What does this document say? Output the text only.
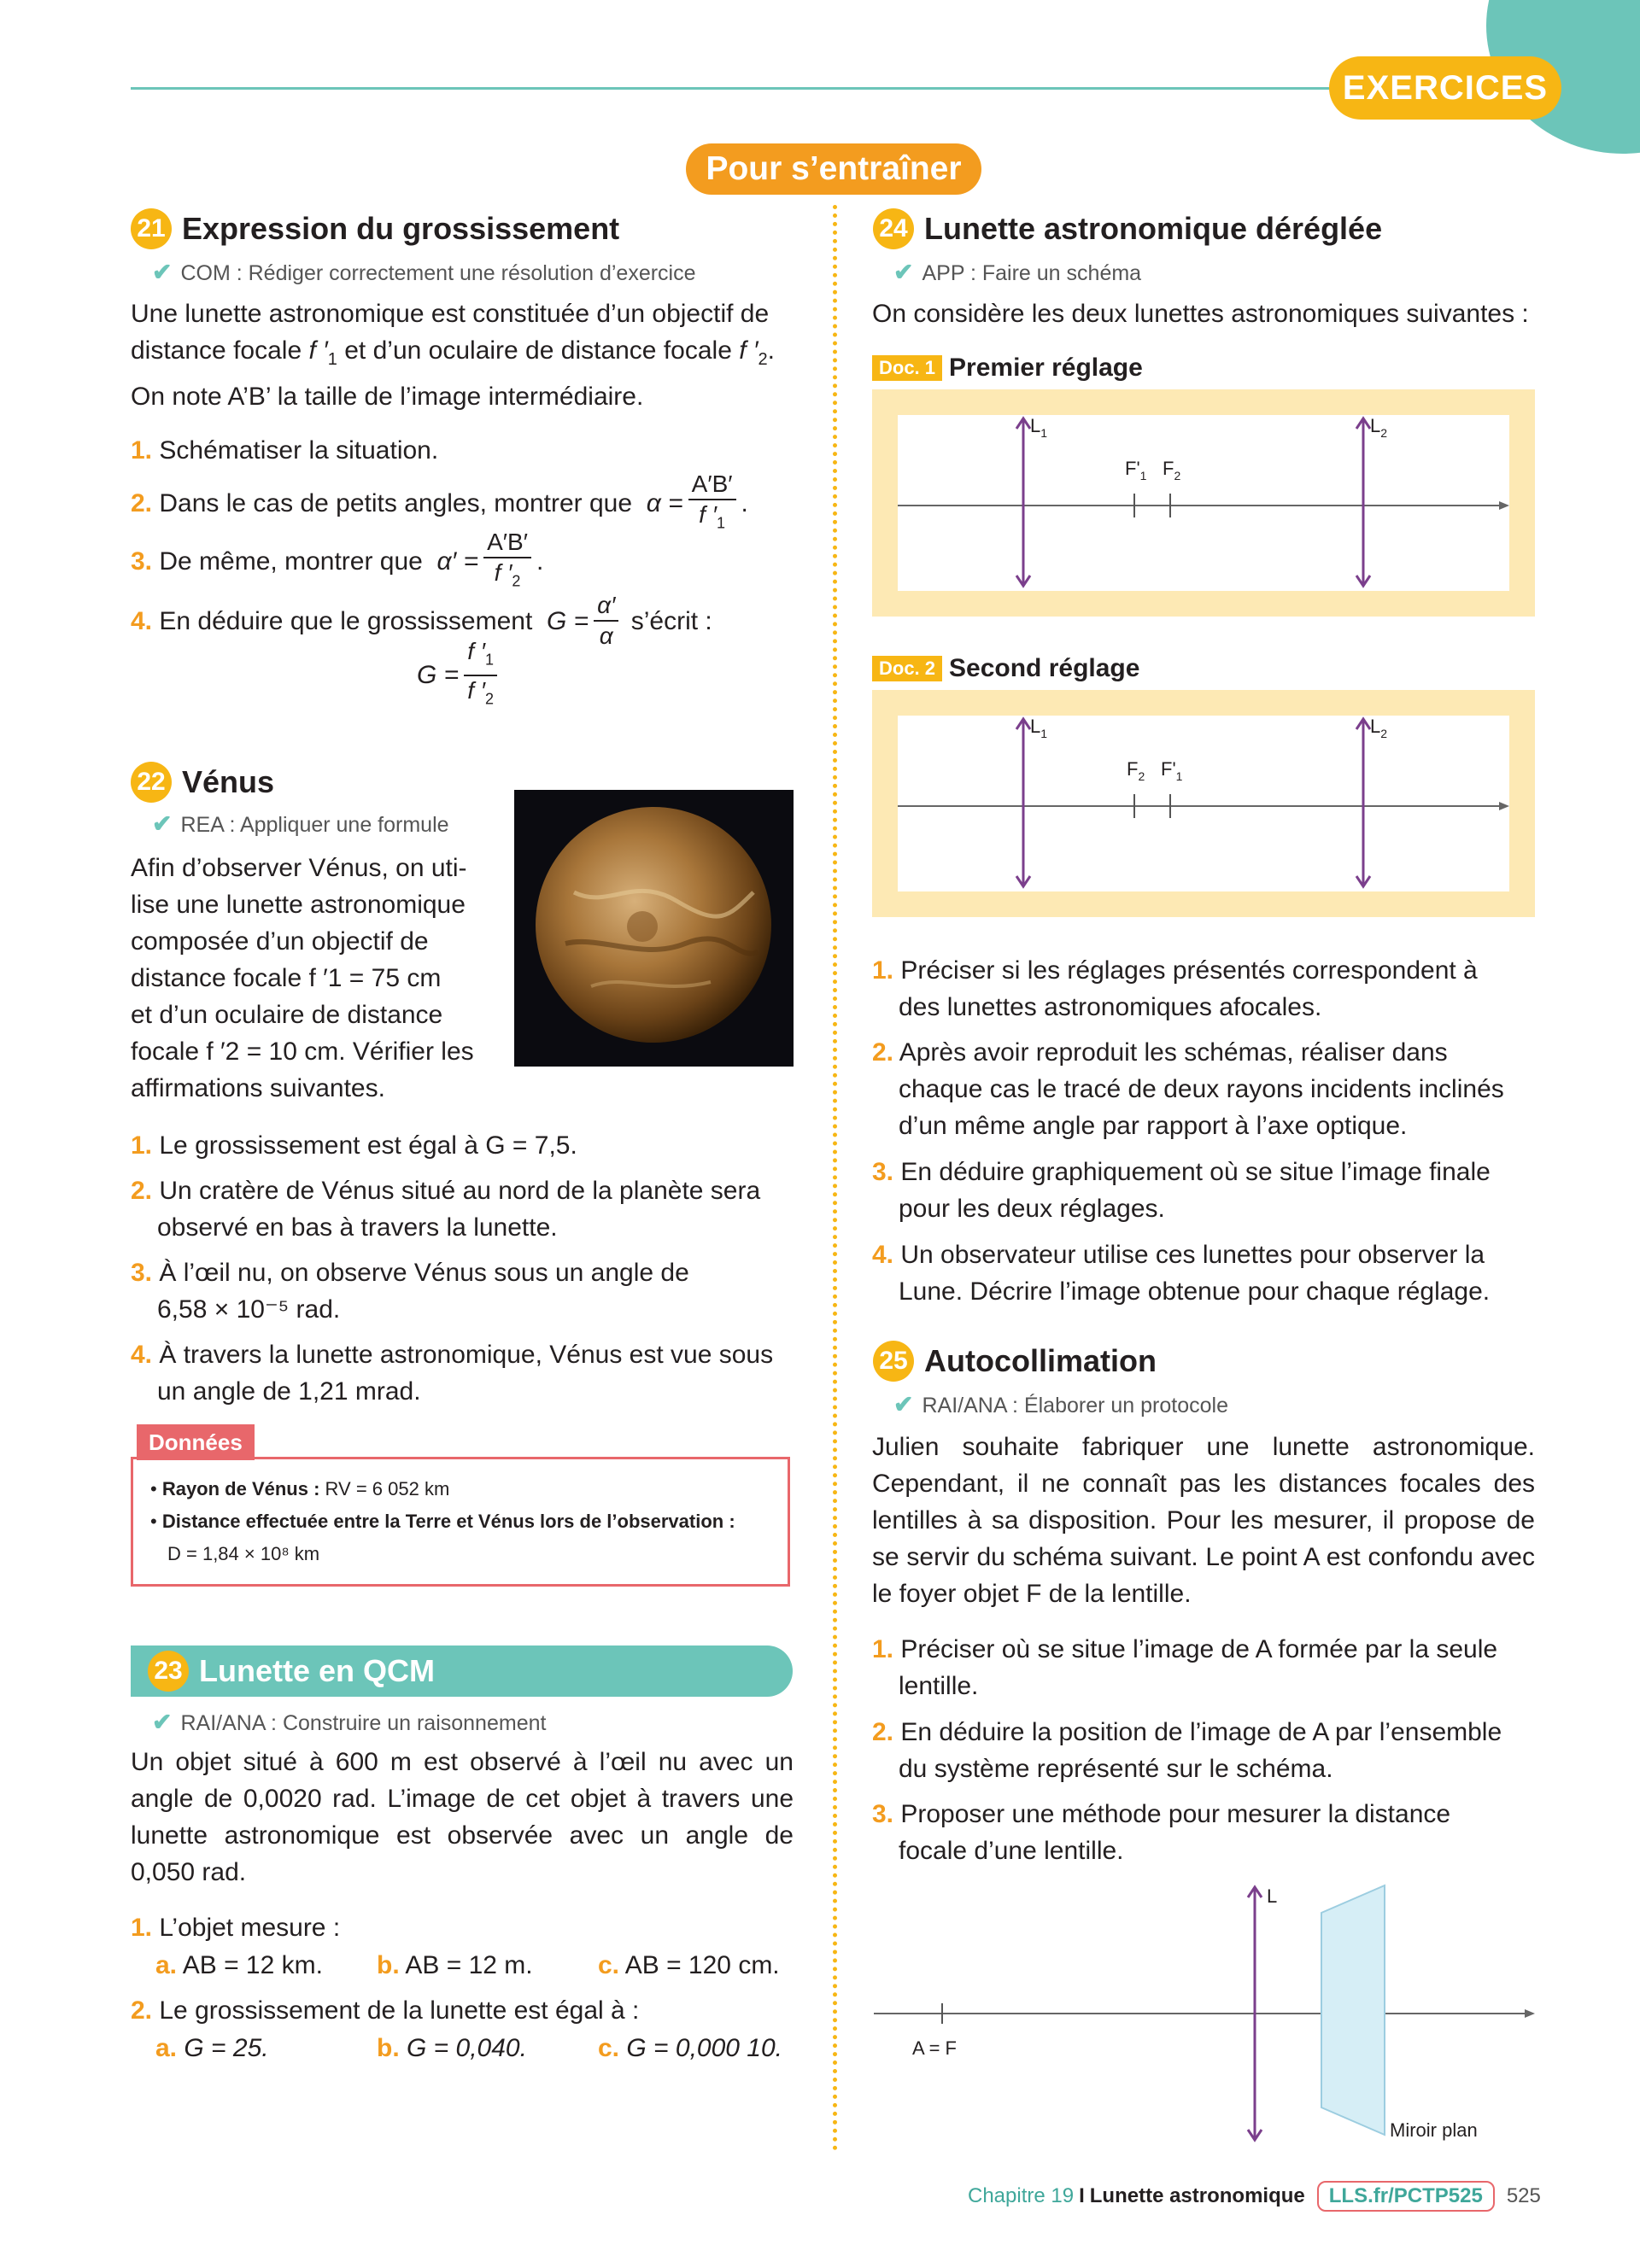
EXERCICES
Pour s’entraîner
21 Expression du grossissement
✔ COM : Rédiger correctement une résolution d’exercice
Une lunette astronomique est constituée d’un objectif de
distance focale f $'_1$ et d’un oculaire de distance focale f $'_2$.
On note A’B’ la taille de l’image intermédiaire.
1. Schématiser la situation.
2.
Dans le cas de petits angles, montrer que
$\alpha = \frac{A'B'}{f '_1}$ .
3.
De même, montrer que
$\alpha' = \frac{A'B'}{f '_2}$ .
4.
En déduire que le grossissement
$G = \frac{\alpha'}{\alpha}$
s’écrit :
$G = \frac{f '_1}{f '_2}$
22 Vénus
✔ REA : Appliquer une formule
Afin d’observer Vénus, on uti-
lise une lunette astronomique
composée d’un objectif de
distance focale f ′1 = 75 cm
et d’un oculaire de distance
focale f ′2 = 10 cm. Vérifier les
affirmations suivantes.
1. Le grossissement est égal à G = 7,5.
2. Un cratère de Vénus situé au nord de la planète sera
observé en bas à travers la lunette.
3. À l’œil nu, on observe Vénus sous un angle de
6,58 × 10⁻⁵ rad.
4. À travers la lunette astronomique, Vénus est vue sous
un angle de 1,21 mrad.
Données
• Rayon de Vénus : RV = 6 052 km
• Distance effectuée entre la Terre et Vénus lors de l’observation :
D = 1,84 × 10⁸ km
23 Lunette en QCM
✔ RAI/ANA : Construire un raisonnement
Un objet situé à 600 m est observé à l’œil nu avec un
angle de 0,0020 rad. L’image de cet objet à travers une
lunette astronomique est observée avec un angle de
0,050 rad.
1. L’objet mesure :
a. AB = 12 km. b. AB = 12 m.	c. AB = 120 cm.
2. Le grossissement de la lunette est égal à :
a. G = 25.	b. G = 0,040.	c. G = 0,000 10.
24 Lunette astronomique déréglée
✔ APP : Faire un schéma
On considère les deux lunettes astronomiques suivantes :
Doc. 1 Premier réglage
$L_1$	$L_2$
$F'_1$ $F_2$
Doc. 2 Second réglage
$L_1$	$L_2$
$F_2$ $F'_1$
1. Préciser si les réglages présentés correspondent à
des lunettes astronomiques afocales.
2. Après avoir reproduit les schémas, réaliser dans
chaque cas le tracé de deux rayons incidents inclinés
d’un même angle par rapport à l’axe optique.
3. En déduire graphiquement où se situe l’image finale
pour les deux réglages.
4. Un observateur utilise ces lunettes pour observer la
Lune. Décrire l’image obtenue pour chaque réglage.
25 Autocollimation
✔ RAI/ANA : Élaborer un protocole
Julien souhaite fabriquer une lunette astronomique.
Cependant, il ne connaît pas les distances focales des
lentilles à sa disposition. Pour les mesurer, il propose de
se servir du schéma suivant. Le point A est confondu avec
le foyer objet F de la lentille.
1. Préciser où se situe l’image de A formée par la seule
lentille.
2. En déduire la position de l’image de A par l’ensemble
du système représenté sur le schéma.
3. Proposer une méthode pour mesurer la distance
focale d’une lentille.
L
A = F
Miroir plan
Chapitre 19 I Lunette astronomique	LLS.fr/PCTP525	525
